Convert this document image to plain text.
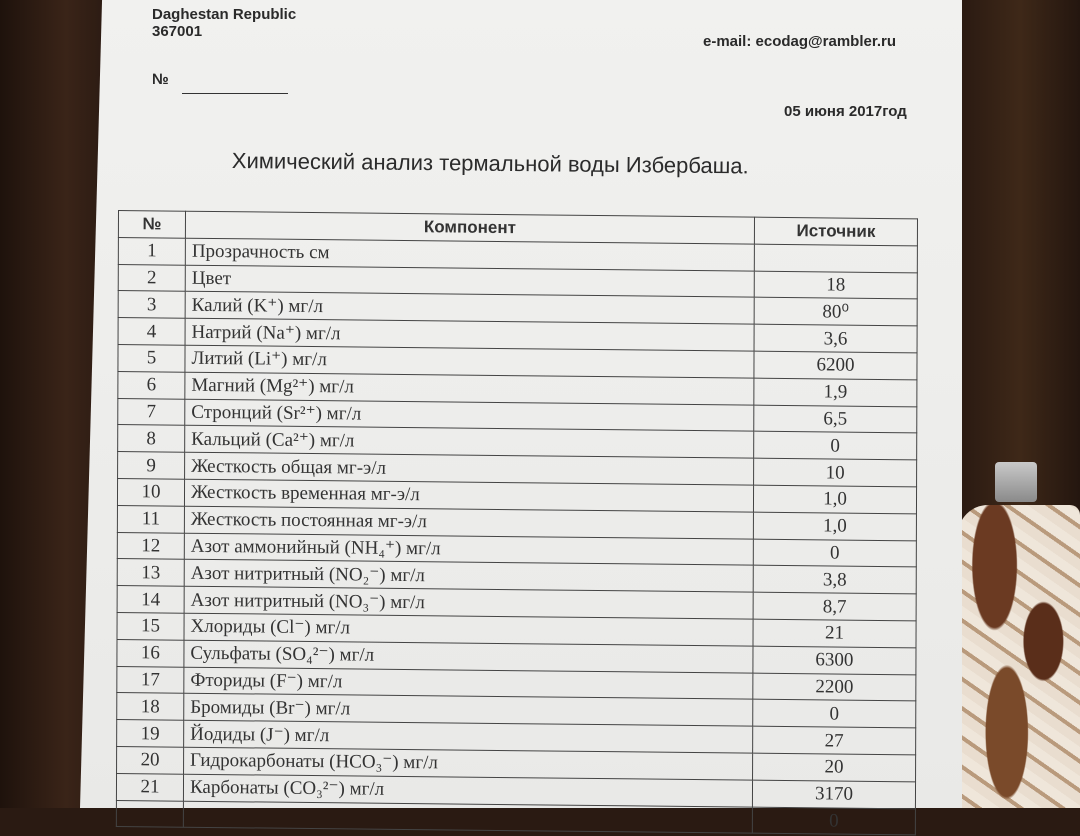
Daghestan Republic
367001
e-mail: ecodag@rambler.ru
№
05 июня 2017год
Химический анализ термальной воды Избербаша.
№	Компонент	Источник
1	Прозрачность см	
2	Цвет	18
3	Калий (K⁺) мг/л	80⁰
4	Натрий (Na⁺) мг/л	3,6
5	Литий (Li⁺) мг/л	6200
6	Магний (Mg²⁺) мг/л	1,9
7	Стронций (Sr²⁺) мг/л	6,5
8	Кальций (Ca²⁺) мг/л	0
9	Жесткость общая мг-э/л	10
10	Жесткость временная мг-э/л	1,0
11	Жесткость постоянная мг-э/л	1,0
12	Азот аммонийный (NH₄⁺) мг/л	0
13	Азот нитритный (NO₂⁻) мг/л	3,8
14	Азот нитритный (NO₃⁻) мг/л	8,7
15	Хлориды (Cl⁻) мг/л	21
16	Сульфаты (SO₄²⁻) мг/л	6300
17	Фториды (F⁻) мг/л	2200
18	Бромиды (Br⁻) мг/л	0
19	Йодиды (J⁻) мг/л	27
20	Гидрокарбонаты (HCO₃⁻) мг/л	20
21	Карбонаты (CO₃²⁻) мг/л	3170
		0
